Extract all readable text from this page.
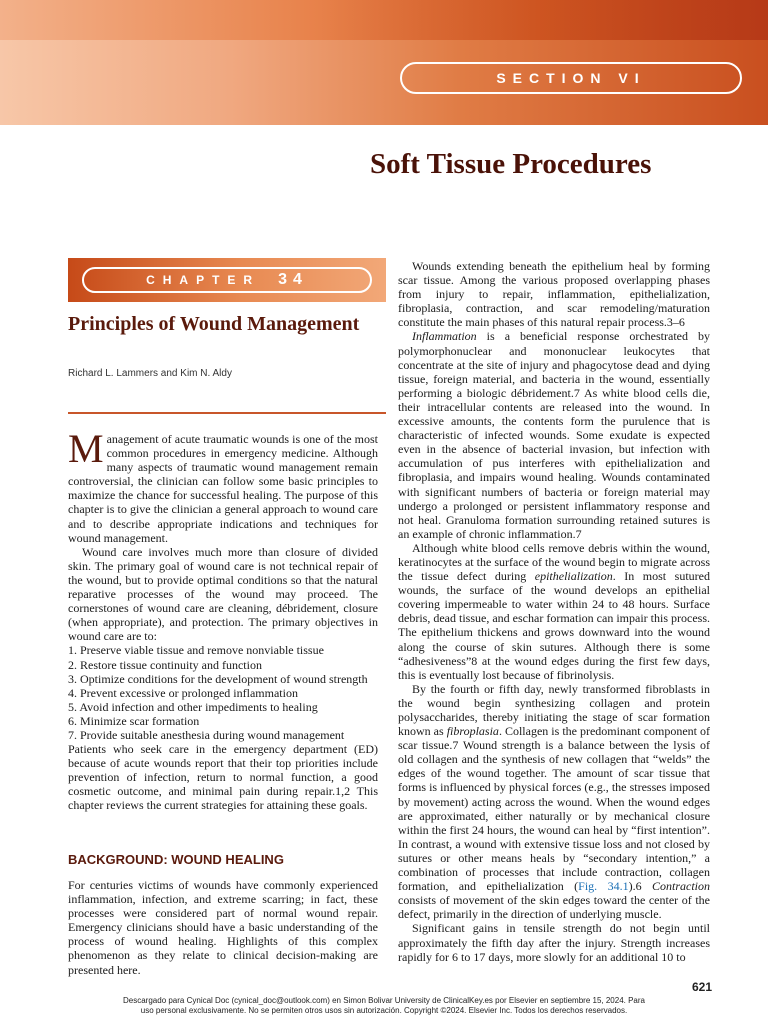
SECTION VI
Soft Tissue Procedures
CHAPTER 34
Principles of Wound Management
Richard L. Lammers and Kim N. Aldy

Management of acute traumatic wounds is one of the most common procedures in emergency medicine. Although many aspects of traumatic wound management remain controversial, the clinician can follow some basic principles to maximize the chance for successful healing. The purpose of this chapter is to give the clinician a general approach to wound care and to describe appropriate indications and techniques for wound management.

Wound care involves much more than closure of divided skin. The primary goal of wound care is not technical repair of the wound, but to provide optimal conditions so that the natural reparative processes of the wound may proceed. The cornerstones of wound care are cleaning, débridement, closure (when appropriate), and protection. The primary objectives in wound care are to:

1. Preserve viable tissue and remove nonviable tissue
2. Restore tissue continuity and function
3. Optimize conditions for the development of wound strength
4. Prevent excessive or prolonged inflammation
5. Avoid infection and other impediments to healing
6. Minimize scar formation
7. Provide suitable anesthesia during wound management

Patients who seek care in the emergency department (ED) because of acute wounds report that their top priorities include prevention of infection, return to normal function, a good cosmetic outcome, and minimal pain during repair.1,2 This chapter reviews the current strategies for attaining these goals.

BACKGROUND: WOUND HEALING

For centuries victims of wounds have commonly experienced inflammation, infection, and extreme scarring; in fact, these processes were considered part of normal wound repair. Emergency clinicians should have a basic understanding of the process of wound healing. Highlights of this complex phenomenon as they relate to clinical decision-making are presented here.

Wounds extending beneath the epithelium heal by forming scar tissue. Among the various proposed overlapping phases from injury to repair, inflammation, epithelialization, fibroplasia, contraction, and scar remodeling/maturation constitute the main phases of this natural repair process.3–6

Inflammation is a beneficial response orchestrated by polymorphonuclear and mononuclear leukocytes that concentrate at the site of injury and phagocytose dead and dying tissue, foreign material, and bacteria in the wound, essentially performing a biologic débridement.7 As white blood cells die, their intracellular contents are released into the wound. In excessive amounts, the contents form the purulence that is characteristic of infected wounds. Some exudate is expected even in the absence of bacterial invasion, but infection with accumulation of pus interferes with epithelialization and fibroplasia, and impairs wound healing. Wounds contaminated with significant numbers of bacteria or foreign material may undergo a prolonged or persistent inflammatory response and not heal. Granuloma formation surrounding retained sutures is an example of chronic inflammation.7

Although white blood cells remove debris within the wound, keratinocytes at the surface of the wound begin to migrate across the tissue defect during epithelialization. In most sutured wounds, the surface of the wound develops an epithelial covering impermeable to water within 24 to 48 hours. Surface debris, dead tissue, and eschar formation can impair this process. The epithelium thickens and grows downward into the wound along the course of skin sutures. Although there is some “adhesiveness”8 at the wound edges during the first few days, this is eventually lost because of fibrinolysis.

By the fourth or fifth day, newly transformed fibroblasts in the wound begin synthesizing collagen and protein polysaccharides, thereby initiating the stage of scar formation known as fibroplasia. Collagen is the predominant component of scar tissue.7 Wound strength is a balance between the lysis of old collagen and the synthesis of new collagen that “welds” the edges of the wound together. The amount of scar tissue that forms is influenced by physical forces (e.g., the stresses imposed by movement) acting across the wound. When the wound edges are approximated, either naturally or by mechanical closure within the first 24 hours, the wound can heal by “first intention”. In contrast, a wound with extensive tissue loss and not closed by sutures or other means heals by “secondary intention,” a combination of processes that include contraction, collagen formation, and epithelialization (Fig. 34.1).6 Contraction consists of movement of the skin edges toward the center of the defect, primarily in the direction of underlying muscle.

Significant gains in tensile strength do not begin until approximately the fifth day after the injury. Strength increases rapidly for 6 to 17 days, more slowly for an additional 10 to

621
Descargado para Cynical Doc (cynical_doc@outlook.com) en Simon Bolivar University de ClinicalKey.es por Elsevier en septiembre 15, 2024. Para
uso personal exclusivamente. No se permiten otros usos sin autorización. Copyright ©2024. Elsevier Inc. Todos los derechos reservados.
